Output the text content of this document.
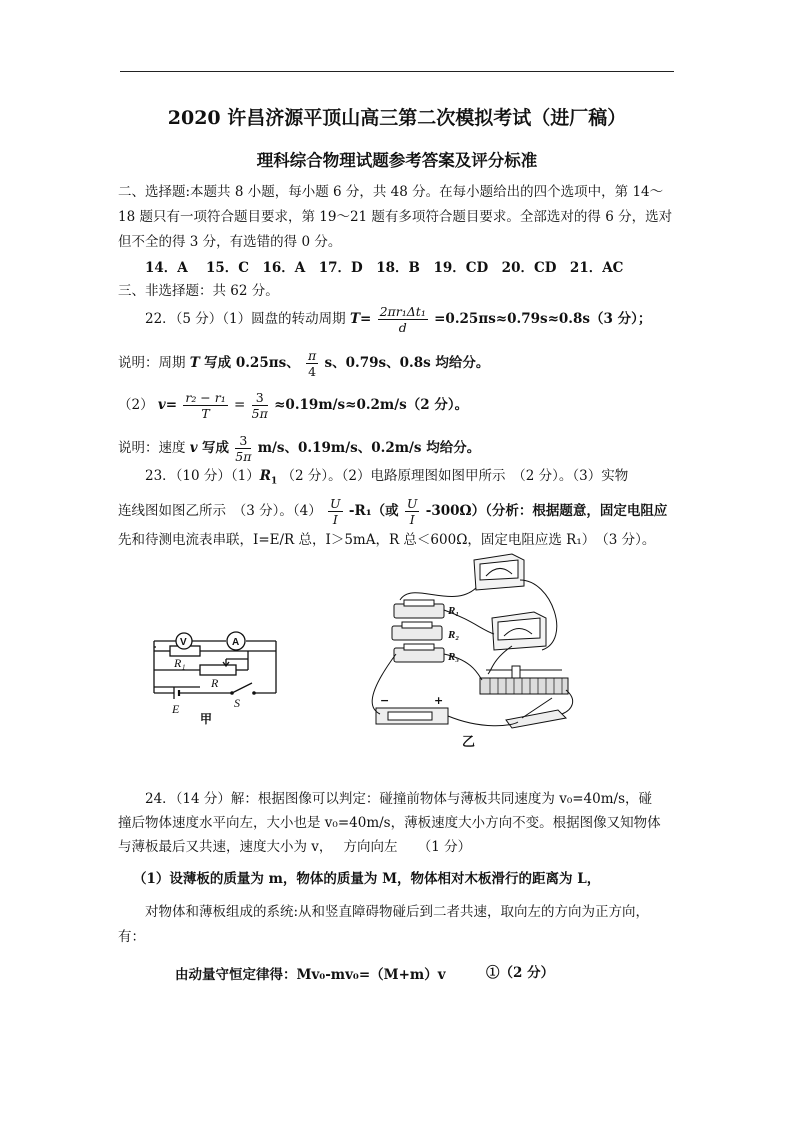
2020 许昌济源平顶山高三第二次模拟考试（进厂稿）
理科综合物理试题参考答案及评分标准
二、选择题:本题共 8 小题，每小题 6 分，共 48 分。在每小题给出的四个选项中，第 14～
18 题只有一项符合题目要求，第 19～21 题有多项符合题目要求。全部选对的得 6 分，选对
但不全的得 3 分，有选错的得 0 分。
14．A　 15．C　16．A　17．D　18．B　19．CD　20．CD　21．AC
三、非选择题：共 62 分。
22．（5 分）（1）圆盘的转动周期 $T= \frac{\text{2πr₁Δt₁}}{d} =0.25\pi s\approx 0.79s\approx 0.8s(3$ 分）；
说明：周期 T 写成 0.25πs、 $\frac{\pi}{4}$ s、0.79s、0.8s 均给分。
（2） $v= \frac{\text{r₂ − r₁}}{T} = \frac{3}{5\pi} \approx 0.19m/s\approx 0.2m/s(2$ 分）。
说明：速度 v 写成 $\frac{3}{5\pi} m/s$、0.19m/s、0.2m/s 均给分。
23．（10 分）$(1)R_1$ （2 分）。（2）电路原理图如图甲所示　（2 分）。（3）实物
连线图如图乙所示　（3 分）。$(4) \frac{U}{I} -R_1$（或 $\frac{U}{I} -300\Omega$）（分析：根据题意，固定电阻应
先和待测电流表串联，I=E/R 总，I＞5mA，R 总＜600Ω，固定电阻应选 R₁）　（3 分）。
V	A
R₁
R
S
E
甲
R₁
R₂
R₃
−	+
乙
24．（14 分）解：根据图像可以判定：碰撞前物体与薄板共同速度为 v₀=40m/s，碰
撞后物体速度水平向左，大小也是 v₀=40m/s，薄板速度大小方向不变。根据图像又知物体
与薄板最后又共速，速度大小为 v，　 方向向左　　（1 分）
（1）设薄板的质量为 m，物体的质量为 M，物体相对木板滑行的距离为 L，
对物体和薄板组成的系统:从和竖直障碍物碰后到二者共速，取向左的方向为正方向，
有：
由动量守恒定律得：Mv₀-mv₀=（M+m）v	①（2 分）
